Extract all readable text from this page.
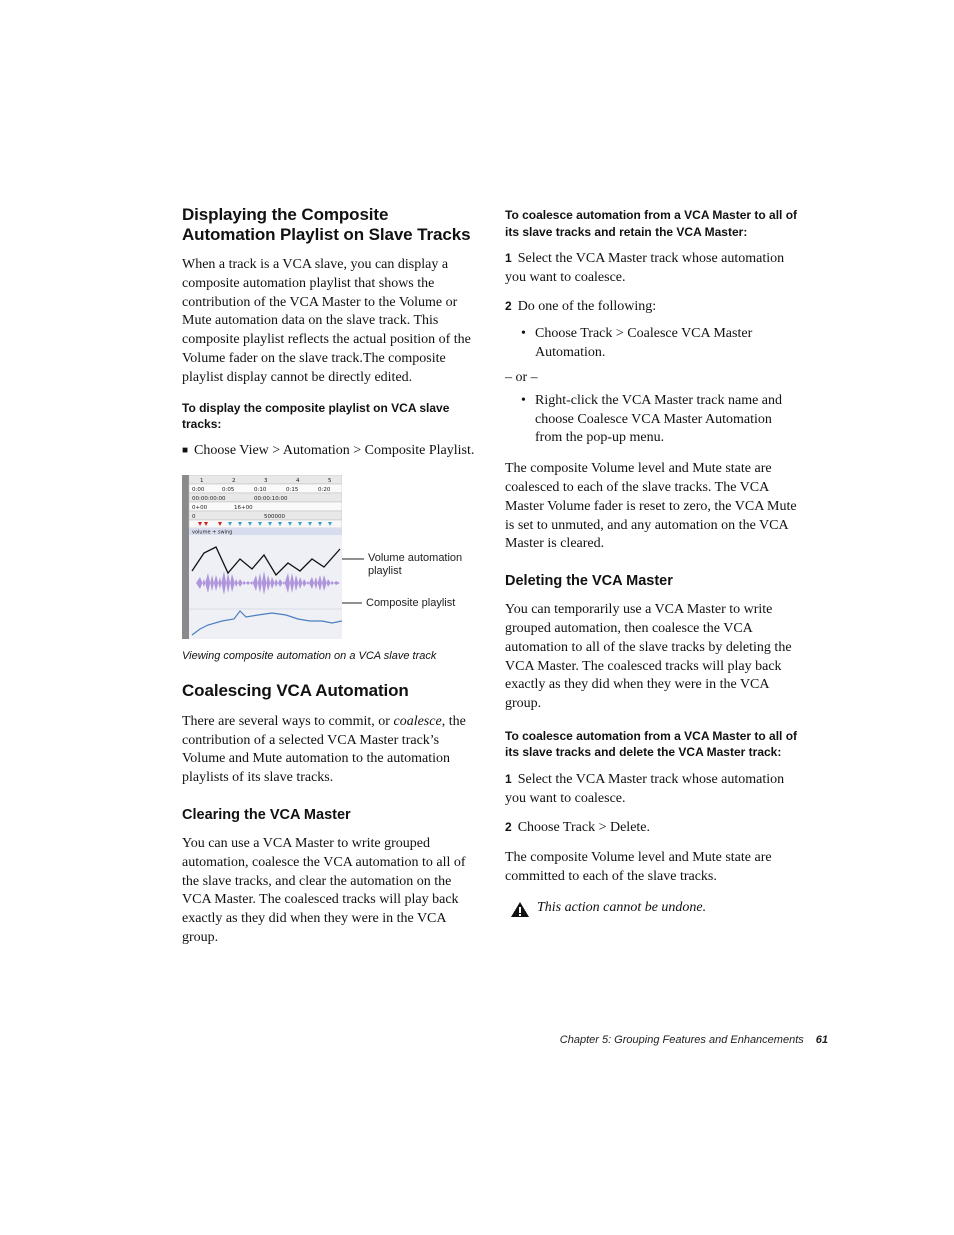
Displaying the Composite Automation Playlist on Slave Tracks

When a track is a VCA slave, you can display a composite automation playlist that shows the contribution of the VCA Master to the Volume or Mute automation data on the slave track. This composite playlist reflects the actual position of the Volume fader on the slave track.The composite playlist display cannot be directly edited.

To display the composite playlist on VCA slave tracks:

■ Choose View > Automation > Composite Playlist.

1	2	3	4	5
0:00	0:05	0:10	0:15	0:20
00:00:00:00	00:00:10:00
0+00	16+00
0	500000
volume + swing
Volume automation playlist
Composite playlist

Viewing composite automation on a VCA slave track

Coalescing VCA Automation

There are several ways to commit, or coalesce, the contribution of a selected VCA Master track’s Volume and Mute automation to the automation playlists of its slave tracks.

Clearing the VCA Master

You can use a VCA Master to write grouped automation, coalesce the VCA automation to all of the slave tracks, and clear the automation on the VCA Master. The coalesced tracks will play back exactly as they did when they were in the VCA group.

To coalesce automation from a VCA Master to all of its slave tracks and retain the VCA Master:

1 Select the VCA Master track whose automation you want to coalesce.

2 Do one of the following:

• Choose Track > Coalesce VCA Master Automation.

– or –

• Right-click the VCA Master track name and choose Coalesce VCA Master Automation from the pop-up menu.

The composite Volume level and Mute state are coalesced to each of the slave tracks. The VCA Master Volume fader is reset to zero, the VCA Mute is set to unmuted, and any automation on the VCA Master is cleared.

Deleting the VCA Master

You can temporarily use a VCA Master to write grouped automation, then coalesce the VCA automation to all of the slave tracks by deleting the VCA Master. The coalesced tracks will play back exactly as they did when they were in the VCA group.

To coalesce automation from a VCA Master to all of its slave tracks and delete the VCA Master track:

1 Select the VCA Master track whose automation you want to coalesce.

2 Choose Track > Delete.

The composite Volume level and Mute state are committed to each of the slave tracks.

This action cannot be undone.
Chapter 5: Grouping Features and Enhancements 61
